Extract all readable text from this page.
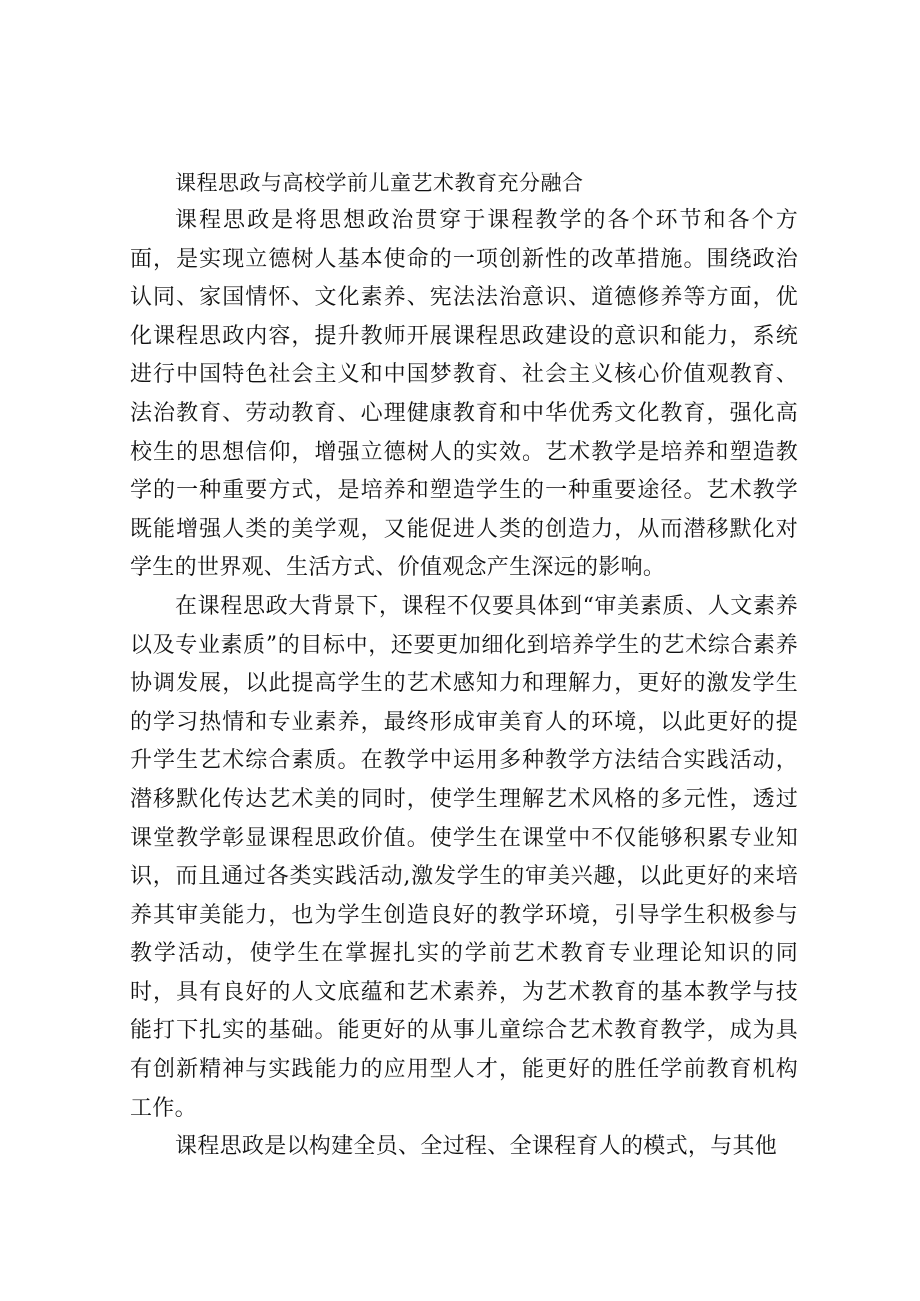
课程思政与高校学前儿童艺术教育充分融合

课程思政是将思想政治贯穿于课程教学的各个环节和各个方面，是实现立德树人基本使命的一项创新性的改革措施。围绕政治认同、家国情怀、文化素养、宪法法治意识、道德修养等方面，优化课程思政内容，提升教师开展课程思政建设的意识和能力，系统进行中国特色社会主义和中国梦教育、社会主义核心价值观教育、法治教育、劳动教育、心理健康教育和中华优秀文化教育，强化高校生的思想信仰，增强立德树人的实效。艺术教学是培养和塑造教学的一种重要方式，是培养和塑造学生的一种重要途径。艺术教学既能增强人类的美学观，又能促进人类的创造力，从而潜移默化对学生的世界观、生活方式、价值观念产生深远的影响。

在课程思政大背景下，课程不仅要具体到“审美素质、人文素养以及专业素质”的目标中，还要更加细化到培养学生的艺术综合素养协调发展，以此提高学生的艺术感知力和理解力，更好的激发学生的学习热情和专业素养，最终形成审美育人的环境，以此更好的提升学生艺术综合素质。在教学中运用多种教学方法结合实践活动，潜移默化传达艺术美的同时，使学生理解艺术风格的多元性，透过课堂教学彰显课程思政价值。使学生在课堂中不仅能够积累专业知识，而且通过各类实践活动,激发学生的审美兴趣，以此更好的来培养其审美能力，也为学生创造良好的教学环境，引导学生积极参与教学活动，使学生在掌握扎实的学前艺术教育专业理论知识的同时，具有良好的人文底蕴和艺术素养，为艺术教育的基本教学与技能打下扎实的基础。能更好的从事儿童综合艺术教育教学，成为具有创新精神与实践能力的应用型人才，能更好的胜任学前教育机构工作。

课程思政是以构建全员、全过程、全课程育人的模式，与其他
